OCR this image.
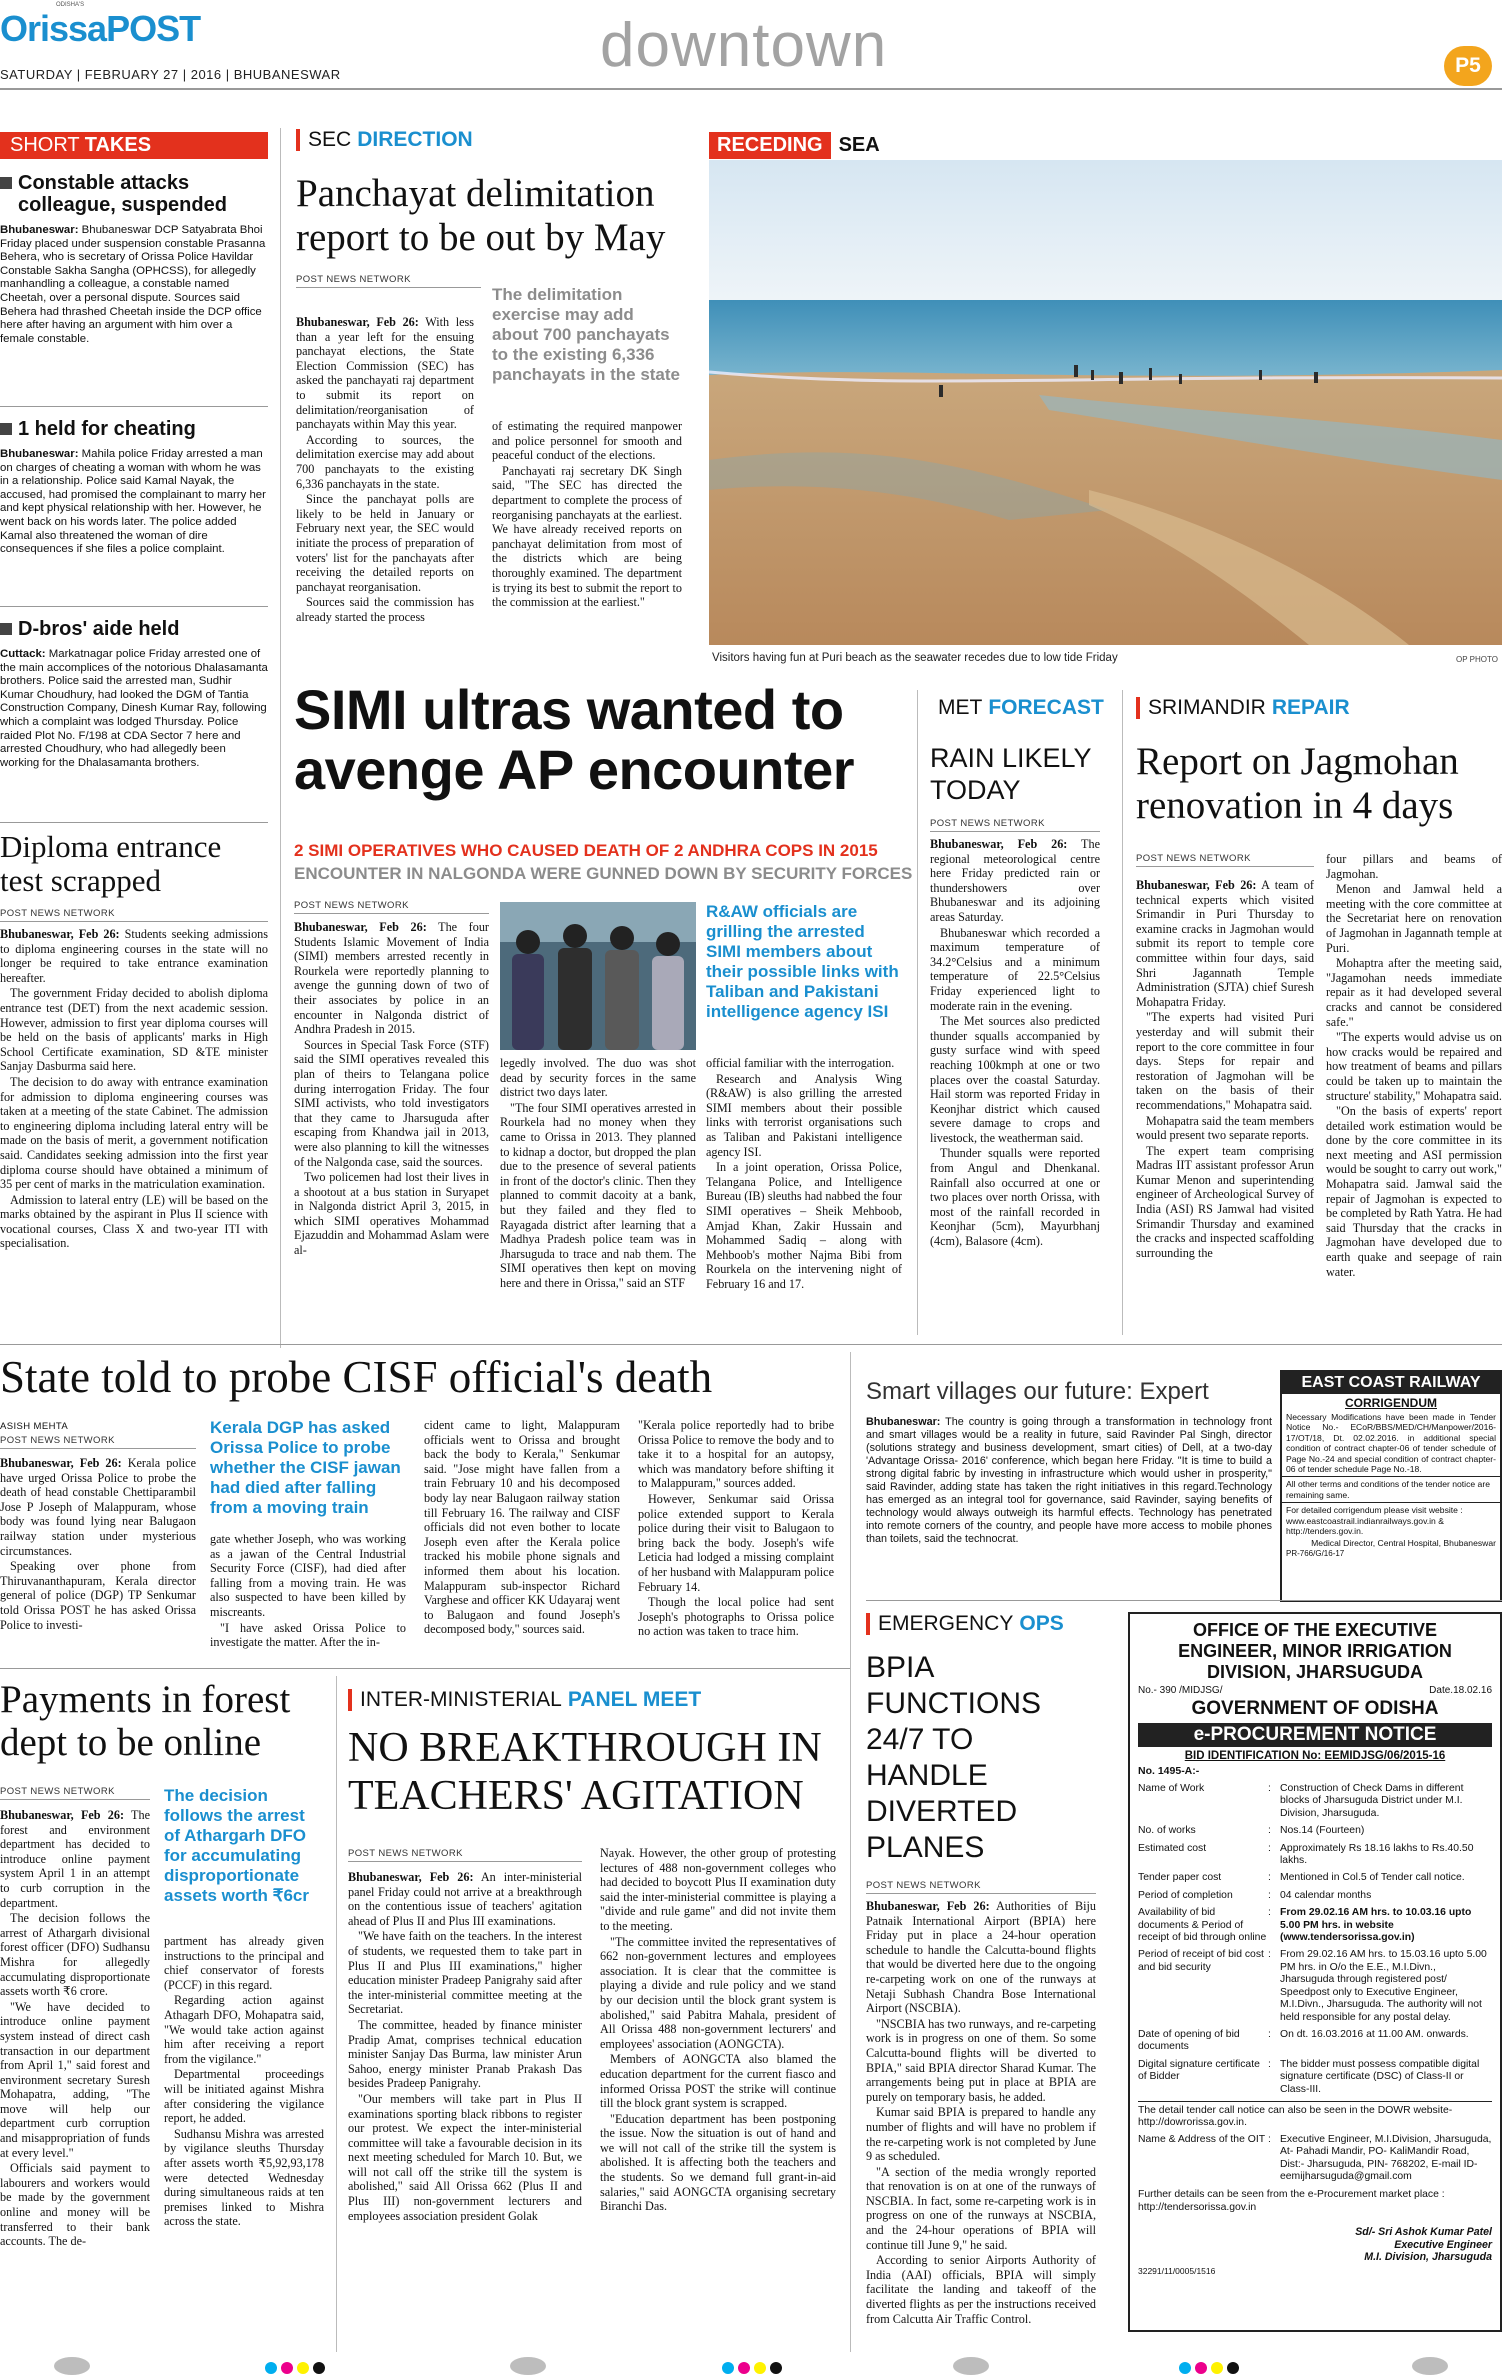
ODISHA'S
OrissaPOST
SATURDAY | FEBRUARY 27 | 2016 | BHUBANESWAR	downtown	P5
SHORT TAKES
Constable attacks colleague, suspended
Bhubaneswar: Bhubaneswar DCP Satyabrata Bhoi Friday placed under suspension constable Prasanna Behera, who is secretary of Orissa Police Havildar Constable Sakha Sangha (OPHCSS), for allegedly manhandling a colleague, a constable named Cheetah, over a personal dispute. Sources said Behera had thrashed Cheetah inside the DCP office here after having an argument with him over a female constable.
1 held for cheating
Bhubaneswar: Mahila police Friday arrested a man on charges of cheating a woman with whom he was in a relationship. Police said Kamal Nayak, the accused, had promised the complainant to marry her and kept physical relationship with her. However, he went back on his words later. The police added Kamal also threatened the woman of dire consequences if she files a police complaint.
D-bros' aide held
Cuttack: Markatnagar police Friday arrested one of the main accomplices of the notorious Dhalasamanta brothers. Police said the arrested man, Sudhir Kumar Choudhury, had looked the DGM of Tantia Construction Company, Dinesh Kumar Ray, following which a complaint was lodged Thursday. Police raided Plot No. F/198 at CDA Sector 7 here and arrested Choudhury, who had allegedly been working for the Dhalasamanta brothers.
Diploma entrance test scrapped
POST NEWS NETWORK

Bhubaneswar, Feb 26: Students seeking admissions to diploma engineering courses in the state will no longer be required to take entrance examination hereafter.

The government Friday decided to abolish diploma entrance test (DET) from the next academic session. However, admission to first year diploma courses will be held on the basis of applicants' marks in High School Certificate examination, SD &TE minister Sanjay Dasburma said here.

The decision to do away with entrance examination for admission to diploma engineering courses was taken at a meeting of the state Cabinet. The admission to engineering diploma including lateral entry will be made on the basis of merit, a government notification said. Candidates seeking admission into the first year diploma course should have obtained a minimum of 35 per cent of marks in the matriculation examination.

Admission to lateral entry (LE) will be based on the marks obtained by the aspirant in Plus II science with vocational courses, Class X and two-year ITI with specialisation.

SEC DIRECTION
Panchayat delimitation report to be out by May
POST NEWS NETWORK

Bhubaneswar, Feb 26: With less than a year left for the ensuing panchayat elections, the State Election Commission (SEC) has asked the panchayati raj department to submit its report on delimitation/reorganisation of panchayats within May this year.

According to sources, the delimitation exercise may add about 700 panchayats to the existing 6,336 panchayats in the state.

Since the panchayat polls are likely to be held in January or February next year, the SEC would initiate the process of preparation of voters' list for the panchayats after receiving the detailed reports on panchayat reorganisation.

Sources said the commission has already started the process

The delimitation exercise may add about 700 panchayats to the existing 6,336 panchayats in the state

of estimating the required manpower and police personnel for smooth and peaceful conduct of the elections.

Panchayati raj secretary DK Singh said, "The SEC has directed the department to complete the process of reorganising panchayats at the earliest. We have already received reports on panchayat delimitation from most of the districts which are being thoroughly examined. The department is trying its best to submit the report to the commission at the earliest."

RECEDING SEA
Visitors having fun at Puri beach as the seawater recedes due to low tide Friday	OP PHOTO
SIMI ultras wanted to avenge AP encounter
2 SIMI OPERATIVES WHO CAUSED DEATH OF 2 ANDHRA COPS IN 2015
ENCOUNTER IN NALGONDA WERE GUNNED DOWN BY SECURITY FORCES
POST NEWS NETWORK

Bhubaneswar, Feb 26: The four Students Islamic Movement of India (SIMI) members arrested recently in Rourkela were reportedly planning to avenge the gunning down of two of their associates by police in an encounter in Nalgonda district of Andhra Pradesh in 2015.

Sources in Special Task Force (STF) said the SIMI operatives revealed this plan of theirs to Telangana police during interrogation Friday. The four SIMI activists, who told investigators that they came to Jharsuguda after escaping from Khandwa jail in 2013, were also planning to kill the witnesses of the Nalgonda case, said the sources.

Two policemen had lost their lives in a shootout at a bus station in Suryapet in Nalgonda district April 3, 2015, in which SIMI operatives Mohammad Ejazuddin and Mohammad Aslam were al-

legedly involved. The duo was shot dead by security forces in the same district two days later.

"The four SIMI operatives arrested in Rourkela had no money when they came to Orissa in 2013. They planned to kidnap a doctor, but dropped the plan due to the presence of several patients in front of the doctor's clinic. Then they planned to commit dacoity at a bank, but they failed and they fled to Rayagada district after learning that a Madhya Pradesh police team was in Jharsuguda to trace and nab them. The SIMI operatives then kept on moving here and there in Orissa," said an STF

R&AW officials are grilling the arrested SIMI members about their possible links with Taliban and Pakistani intelligence agency ISI

official familiar with the interrogation.

Research and Analysis Wing (R&AW) is also grilling the arrested SIMI members about their possible links with terrorist organisations such as Taliban and Pakistani intelligence agency ISI.

In a joint operation, Orissa Police, Telangana Police, and Intelligence Bureau (IB) sleuths had nabbed the four SIMI operatives – Sheik Mehboob, Amjad Khan, Zakir Hussain and Mohammed Sadiq – along with Mehboob's mother Najma Bibi from Rourkela on the intervening night of February 16 and 17.

MET FORECAST
RAIN LIKELY TODAY
POST NEWS NETWORK

Bhubaneswar, Feb 26: The regional meteorological centre here Friday predicted rain or thundershowers over Bhubaneswar and its adjoining areas Saturday.

Bhubaneswar which recorded a maximum temperature of 34.2°Celsius and a minimum temperature of 22.5°Celsius Friday experienced light to moderate rain in the evening.

The Met sources also predicted thunder squalls accompanied by gusty surface wind with speed reaching 100kmph at one or two places over the coastal Saturday. Hail storm was reported Friday in Keonjhar district which caused severe damage to crops and livestock, the weatherman said.

Thunder squalls were reported from Angul and Dhenkanal. Rainfall also occurred at one or two places over north Orissa, with most of the rainfall recorded in Keonjhar (5cm), Mayurbhanj (4cm), Balasore (4cm).

SRIMANDIR REPAIR
Report on Jagmohan renovation in 4 days
POST NEWS NETWORK

Bhubaneswar, Feb 26: A team of technical experts which visited Srimandir in Puri Thursday to examine cracks in Jagmohan would submit its report to temple core committee within four days, said Shri Jagannath Temple Administration (SJTA) chief Suresh Mohapatra Friday.

"The experts had visited Puri yesterday and will submit their report to the core committee in four days. Steps for repair and restoration of Jagmohan will be taken on the basis of their recommendations," Mohapatra said.

Mohapatra said the team members would present two separate reports.

The expert team comprising Madras IIT assistant professor Arun Kumar Menon and superintending engineer of Archeological Survey of India (ASI) RS Jamwal had visited Srimandir Thursday and examined the cracks and inspected scaffolding surrounding the

four pillars and beams of Jagmohan.

Menon and Jamwal held a meeting with the core committee at the Secretariat here on renovation of Jagmohan in Jagannath temple at Puri.

Mohaptra after the meeting said, "Jagamohan needs immediate repair as it had developed several cracks and cannot be considered safe."

"The experts would advise us on how cracks would be repaired and how treatment of beams and pillars could be taken up to maintain the structure' stability," Mohapatra said.

"On the basis of experts' report detailed work estimation would be done by the core committee in its next meeting and ASI permission would be sought to carry out work," Mohapatra said. Jamwal said the repair of Jagmohan is expected to be completed by Rath Yatra. He had said Thursday that the cracks in Jagmohan have developed due to earth quake and seepage of rain water.

State told to probe CISF official's death
ASISH MEHTA
POST NEWS NETWORK

Bhubaneswar, Feb 26: Kerala police have urged Orissa Police to probe the death of head constable Chettiparambil Jose P Joseph of Malappuram, whose body was found lying near Balugaon railway station under mysterious circumstances.

Speaking over phone from Thiruvananthapuram, Kerala director general of police (DGP) TP Senkumar told Orissa POST he has asked Orissa Police to investi-

Kerala DGP has asked Orissa Police to probe whether the CISF jawan had died after falling from a moving train

gate whether Joseph, who was working as a jawan of the Central Industrial Security Force (CISF), had died after falling from a moving train. He was also suspected to have been killed by miscreants.

"I have asked Orissa Police to investigate the matter. After the in-

cident came to light, Malappuram officials went to Orissa and brought back the body to Kerala," Senkumar said. "Jose might have fallen from a train February 10 and his decomposed body lay near Balugaon railway station till February 16. The railway and CISF officials did not even bother to locate Joseph even after the Kerala police tracked his mobile phone signals and informed them about his location. Malappuram sub-inspector Richard Varghese and officer KK Udayaraj went to Balugaon and found Joseph's decomposed body," sources said.

"Kerala police reportedly had to bribe Orissa Police to remove the body and to take it to a hospital for an autopsy, which was mandatory before shifting it to Malappuram," sources added.

However, Senkumar said Orissa police extended support to Kerala police during their visit to Balugaon to bring back the body. Joseph's wife Leticia had lodged a missing complaint of her husband with Malappuram police February 14.

Though the local police had sent Joseph's photographs to Orissa police no action was taken to trace him.

Smart villages our future: Expert
Bhubaneswar: The country is going through a transformation in technology front and smart villages would be a reality in future, said Ravinder Pal Singh, director (solutions strategy and business development, smart cities) of Dell, at a two-day 'Advantage Orissa- 2016' conference, which began here Friday. "It is time to build a strong digital fabric by investing in infrastructure which would usher in prosperity," said Ravinder, adding state has taken the right initiatives in this regard.Technology has emerged as an integral tool for governance, said Ravinder, saying benefits of technology would always outweigh its harmful effects. Technology has penetrated into remote corners of the country, and people have more access to mobile phones than toilets, said the technocrat.
EAST COAST RAILWAY
CORRIGENDUM
Necessary Modifications have been made in Tender Notice No.- ECoR/BBS/MED/CH/Manpower/2016-17/OT/18, Dt. 02.02.2016. in additional special condition of contract chapter-06 of tender schedule of Page No.-24 and special condition of contract chapter-06 of tender schedule Page No.-18.
All other terms and conditions of the tender notice are remaining same.
For detailed corrigendum please visit website : www.eastcoastrail.indianrailways.gov.in & http://tenders.gov.in.
Medical Director, Central Hospital, Bhubaneswar
PR-766/G/16-17
Payments in forest dept to be online
POST NEWS NETWORK

Bhubaneswar, Feb 26: The forest and environment department has decided to introduce online payment system April 1 in an attempt to curb corruption in the department.

The decision follows the arrest of Athargarh divisional forest officer (DFO) Sudhansu Mishra for allegedly accumulating disproportionate assets worth ₹6 crore.

"We have decided to introduce online payment system instead of direct cash transaction in our department from April 1," said forest and environment secretary Suresh Mohapatra, adding, "The move will help our department curb corruption and misappropriation of funds at every level."

Officials said payment to labourers and workers would be made by the government online and money will be transferred to their bank accounts. The de-

The decision follows the arrest of Athargarh DFO for accumulating disproportionate assets worth ₹6cr

partment has already given instructions to the principal and chief conservator of forests (PCCF) in this regard.

Regarding action against Athagarh DFO, Mohapatra said, "We would take action against him after receiving a report from the vigilance."

Departmental proceedings will be initiated against Mishra after considering the vigilance report, he added.

Sudhansu Mishra was arrested by vigilance sleuths Thursday after assets worth ₹5,92,93,178 were detected Wednesday during simultaneous raids at ten premises linked to Mishra across the state.

INTER-MINISTERIAL PANEL MEET
NO BREAKTHROUGH IN TEACHERS' AGITATION
POST NEWS NETWORK

Bhubaneswar, Feb 26: An inter-ministerial panel Friday could not arrive at a breakthrough on the contentious issue of teachers' agitation ahead of Plus II and Plus III examinations.

"We have faith on the teachers. In the interest of students, we requested them to take part in Plus II and Plus III examinations," higher education minister Pradeep Panigrahy said after the inter-ministerial committee meeting at the Secretariat.

The committee, headed by finance minister Pradip Amat, comprises technical education minister Sanjay Das Burma, law minister Arun Sahoo, energy minister Pranab Prakash Das besides Pradeep Panigrahy.

"Our members will take part in Plus II examinations sporting black ribbons to register our protest. We expect the inter-ministerial committee will take a favourable decision in its next meeting scheduled for March 10. But, we will not call off the strike till the system is abolished," said All Orissa 662 (Plus II and Plus III) non-government lecturers and employees association president Golak

Nayak. However, the other group of protesting lectures of 488 non-government colleges who had decided to boycott Plus II examination duty said the inter-ministerial committee is playing a "divide and rule game" and did not invite them to the meeting.

"The committee invited the representatives of 662 non-government lectures and employees association. It is clear that the committee is playing a divide and rule policy and we stand by our decision until the block grant system is abolished," said Pabitra Mahala, president of All Orissa 488 non-government lecturers' and employees' association (AONGCTA).

Members of AONGCTA also blamed the education department for the current fiasco and informed Orissa POST the strike will continue till the block grant system is scrapped.

"Education department has been postponing the issue. Now the situation is out of hand and we will not call of the strike till the system is abolished. It is affecting both the teachers and the students. So we demand full grant-in-aid salaries," said AONGCTA organising secretary Biranchi Das.

EMERGENCY OPS
BPIA FUNCTIONS 24/7 TO HANDLE DIVERTED PLANES
POST NEWS NETWORK

Bhubaneswar, Feb 26: Authorities of Biju Patnaik International Airport (BPIA) here Friday put in place a 24-hour operation schedule to handle the Calcutta-bound flights that would be diverted here due to the ongoing re-carpeting work on one of the runways at Netaji Subhash Chandra Bose International Airport (NSCBIA).

"NSCBIA has two runways, and re-carpeting work is in progress on one of them. So some Calcutta-bound flights will be diverted to BPIA," said BPIA director Sharad Kumar. The arrangements being put in place at BPIA are purely on temporary basis, he added.

Kumar said BPIA is prepared to handle any number of flights and will have no problem if the re-carpeting work is not completed by June 9 as scheduled.

"A section of the media wrongly reported that renovation is on at one of the runways of NSCBIA. In fact, some re-carpeting work is in progress on one of the runways at NSCBIA, and the 24-hour operations of BPIA will continue till June 9," he said.

According to senior Airports Authority of India (AAI) officials, BPIA will simply facilitate the landing and takeoff of the diverted flights as per the instructions received from Calcutta Air Traffic Control.

OFFICE OF THE EXECUTIVE
ENGINEER, MINOR IRRIGATION
DIVISION, JHARSUGUDA
No.- 390 /MIDJSG/	Date.18.02.16
GOVERNMENT OF ODISHA
e-PROCUREMENT NOTICE
BID IDENTIFICATION No: EEMIDJSG/06/2015-16
No. 1495-A:-
Name of Work	: Construction of Check Dams in different blocks of Jharsuguda District under M.I. Division, Jharsuguda.
No. of works	: Nos.14 (Fourteen)
Estimated cost	: Approximately Rs 18.16 lakhs to Rs.40.50 lakhs.
Tender paper cost	: Mentioned in Col.5 of Tender call notice.
Period of completion	: 04 calendar months
Availability of bid documents & Period of receipt of bid through online
: From 29.02.16 AM hrs. to 10.03.16 upto 5.00 PM hrs. in website (www.tendersorissa.gov.in)
Period of receipt of bid cost and bid security
: From 29.02.16 AM hrs. to 15.03.16 upto 5.00 PM hrs. in O/o the E.E., M.I.Divn., Jharsuguda through registered post/ Speedpost only to Executive Engineer, M.I.Divn., Jharsuguda. The authority will not held responsible for any postal delay.
Date of opening of bid documents
: On dt. 16.03.2016 at 11.00 AM. onwards.
Digital signature certificate of Bidder
: The bidder must possess compatible digital signature certificate (DSC) of Class-II or Class-III.
The detail tender call notice can also be seen in the DOWR website- http://dowrorissa.gov.in.
Name & Address of the OIT : Executive Engineer, M.I.Division, Jharsuguda, At- Pahadi Mandir, PO- KaliMandir Road, Dist:- Jharsuguda, PIN- 768202, E-mail ID- eemijharsuguda@gmail.com
Further details can be seen from the e-Procurement market place : http://tendersorissa.gov.in
Sd/- Sri Ashok Kumar Patel
Executive Engineer
M.I. Division, Jharsuguda
32291/11/0005/1516
